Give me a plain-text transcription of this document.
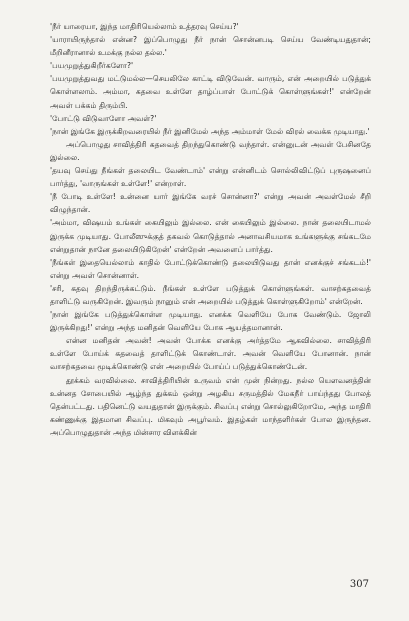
'நீர் யாரையா, இந்த மாதிரியெல்லாம் உத்தரவு செய்ய?'

'யாராயிருந்தால் என்ன? இப்பொழுது நீர் நான் சொன்னபடி செய்ய வேண்டியதுதான்; மீறினீரானால் உமக்கு நல்ல தல்ல.'

'பயமுறுத்துகிறீர்களோ?'

'பயமுறுத்துவது மட்டுமல்ல—செயலிலே காட்டி விடுவேன். வாரும், என் அறையில் படுத்துக் கொள்ளலாம். அம்மா, கதவை உள்ளே தாழ்ப்பாள் போட்டுக் கொள்ளுங்கள்!' என்றேன் அவள் பக்கம் திரும்பி.

'போட்டு விடுவாளோ அவள்?'

'நான் இங்கே இருக்கிறவரையில் நீர் இனிமேல் அந்த அம்மாள் மேல் விரல் வைக்க முடியாது.'

அப்பொழுது சாவித்திரி கதவைத் திறந்துகொண்டு வந்தாள். என்னுடன் அவள் பேசினதே இல்லை.

'தயவு செய்து நீங்கள் தலையிட வேண்டாம்' என்று என்னிடம் சொல்லிவிட்டுப் புருஷனைப் பார்த்து, 'வாருங்கள் உள்ளே!' என்றாள்.

'நீ போடி உள்ளே! உன்னை யார் இங்கே வரச் சொன்னா?' என்று அவன் அவள்மேல் சீறி விழுந்தான்.

'அம்மா, விஷயம் உங்கள் கையிலும் இல்லை. என் கையிலும் இல்லை. நான் தலையிடாமல் இருக்க முடியாது. போலீஸுக்குத் தகவல் கொடுத்தால் அனாவசியமாக உங்களுக்கு சங்கடமே என்றுதான் நானே தலையிடுகிறேன்' என்றேன் அவளைப் பார்த்து.

'நீங்கள் இதையெல்லாம் காதில் போட்டுக்கொண்டு தலையிடுவது தான் எனக்குச் சங்கடம்!' என்று அவள் சொன்னாள்.

'சரி, கதவு திறந்திருக்கட்டும். நீங்கள் உள்ளே படுத்துக் கொள்ளுங்கள். வாசற்கதவைத் தாளிட்டு வருகிறேன். இவரும் நானும் என் அறையில் படுத்துக் கொள்ளுகிறோம்' என்றேன்.

'நான் இங்கே படுத்துக்கொள்ள முடியாது. எனக்க வெளியே போக வேண்டும். ஜோலி இருக்கிறது!' என்று அந்த மனிதன் வெளியே போக ஆயத்தமானான்.

என்ன மனிதன் அவன்! அவன் போக்க எனக்கு அர்த்தமே ஆகவில்லை. சாவித்திரி உள்ளே போய்க் கதவைத் தாளிட்டுக் கொண்டாள். அவன் வெளியே போனான். நான் வாசற்கதவை மூடிக்கொண்டு என் அறையில் போய்ப் படுத்துக்கொண்டேன்.

தூக்கம் வரவில்லை. சாவித்திரியின் உருவம் என் முன் நின்றது. நல்ல யௌவனத்தின் உன்னத சோபையில் ஆழ்ந்த துக்கம் ஒன்று அழகிய சருமத்தில் மேகநீர் பாய்ந்தது போலத் தென்பட்டது. பதினெட்டு வயதுதான் இருக்கும். சிவப்பு என்று சொல்லுகிறோமே, அந்த மாதிரி கண்ணுக்கு இதமான சிவப்பு. மிகவும் அபூர்வம். இதழ்கள் மாந்தளிர்கள் போல இருந்தன. அப்பொழுதுதான் அந்த மின்சார விளக்கின்

307
